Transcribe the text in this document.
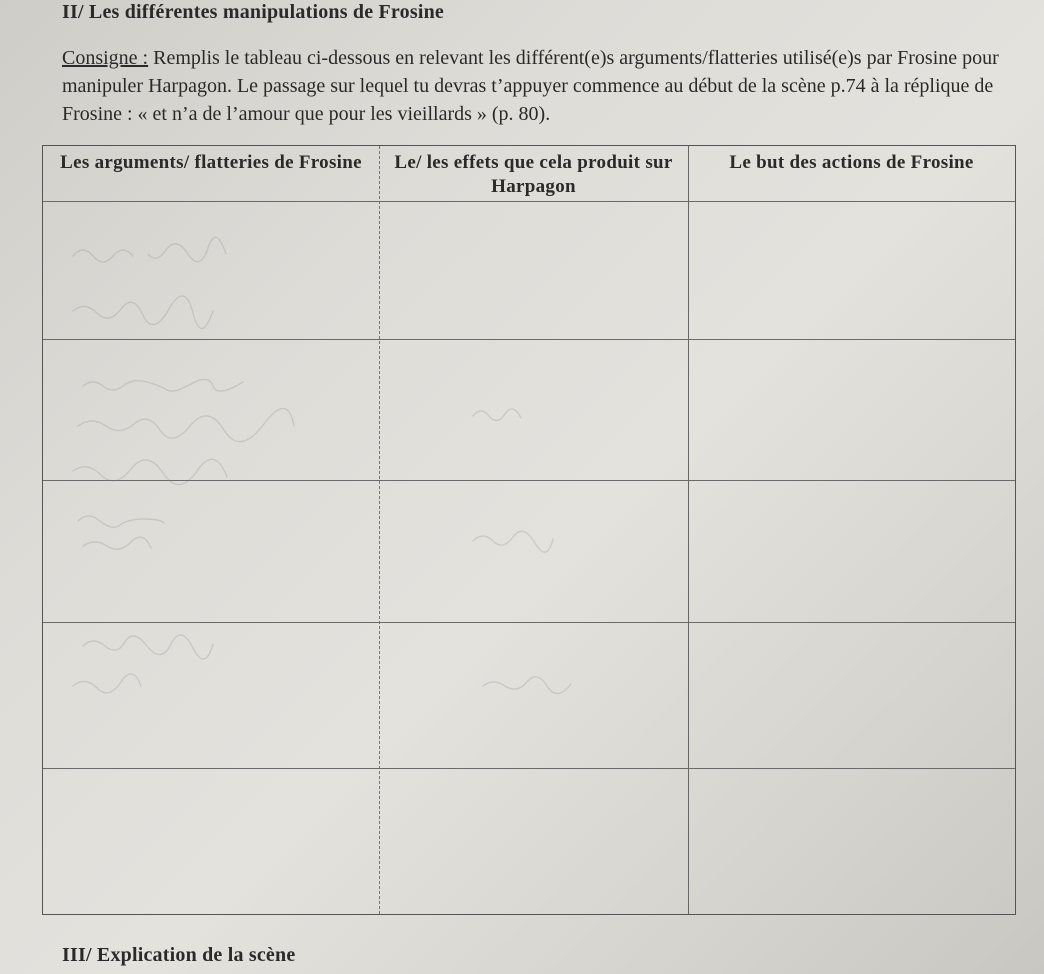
II/ Les différentes manipulations de Frosine
Consigne : Remplis le tableau ci-dessous en relevant les différent(e)s arguments/flatteries utilisé(e)s par Frosine pour manipuler Harpagon. Le passage sur lequel tu devras t’appuyer commence au début de la scène p.74 à la réplique de Frosine : « et n’a de l’amour que pour les vieillards » (p. 80).
Les arguments/ flatteries de Frosine	Le/ les effets que cela produit sur Harpagon
Le but des actions de Frosine
III/ Explication de la scène
